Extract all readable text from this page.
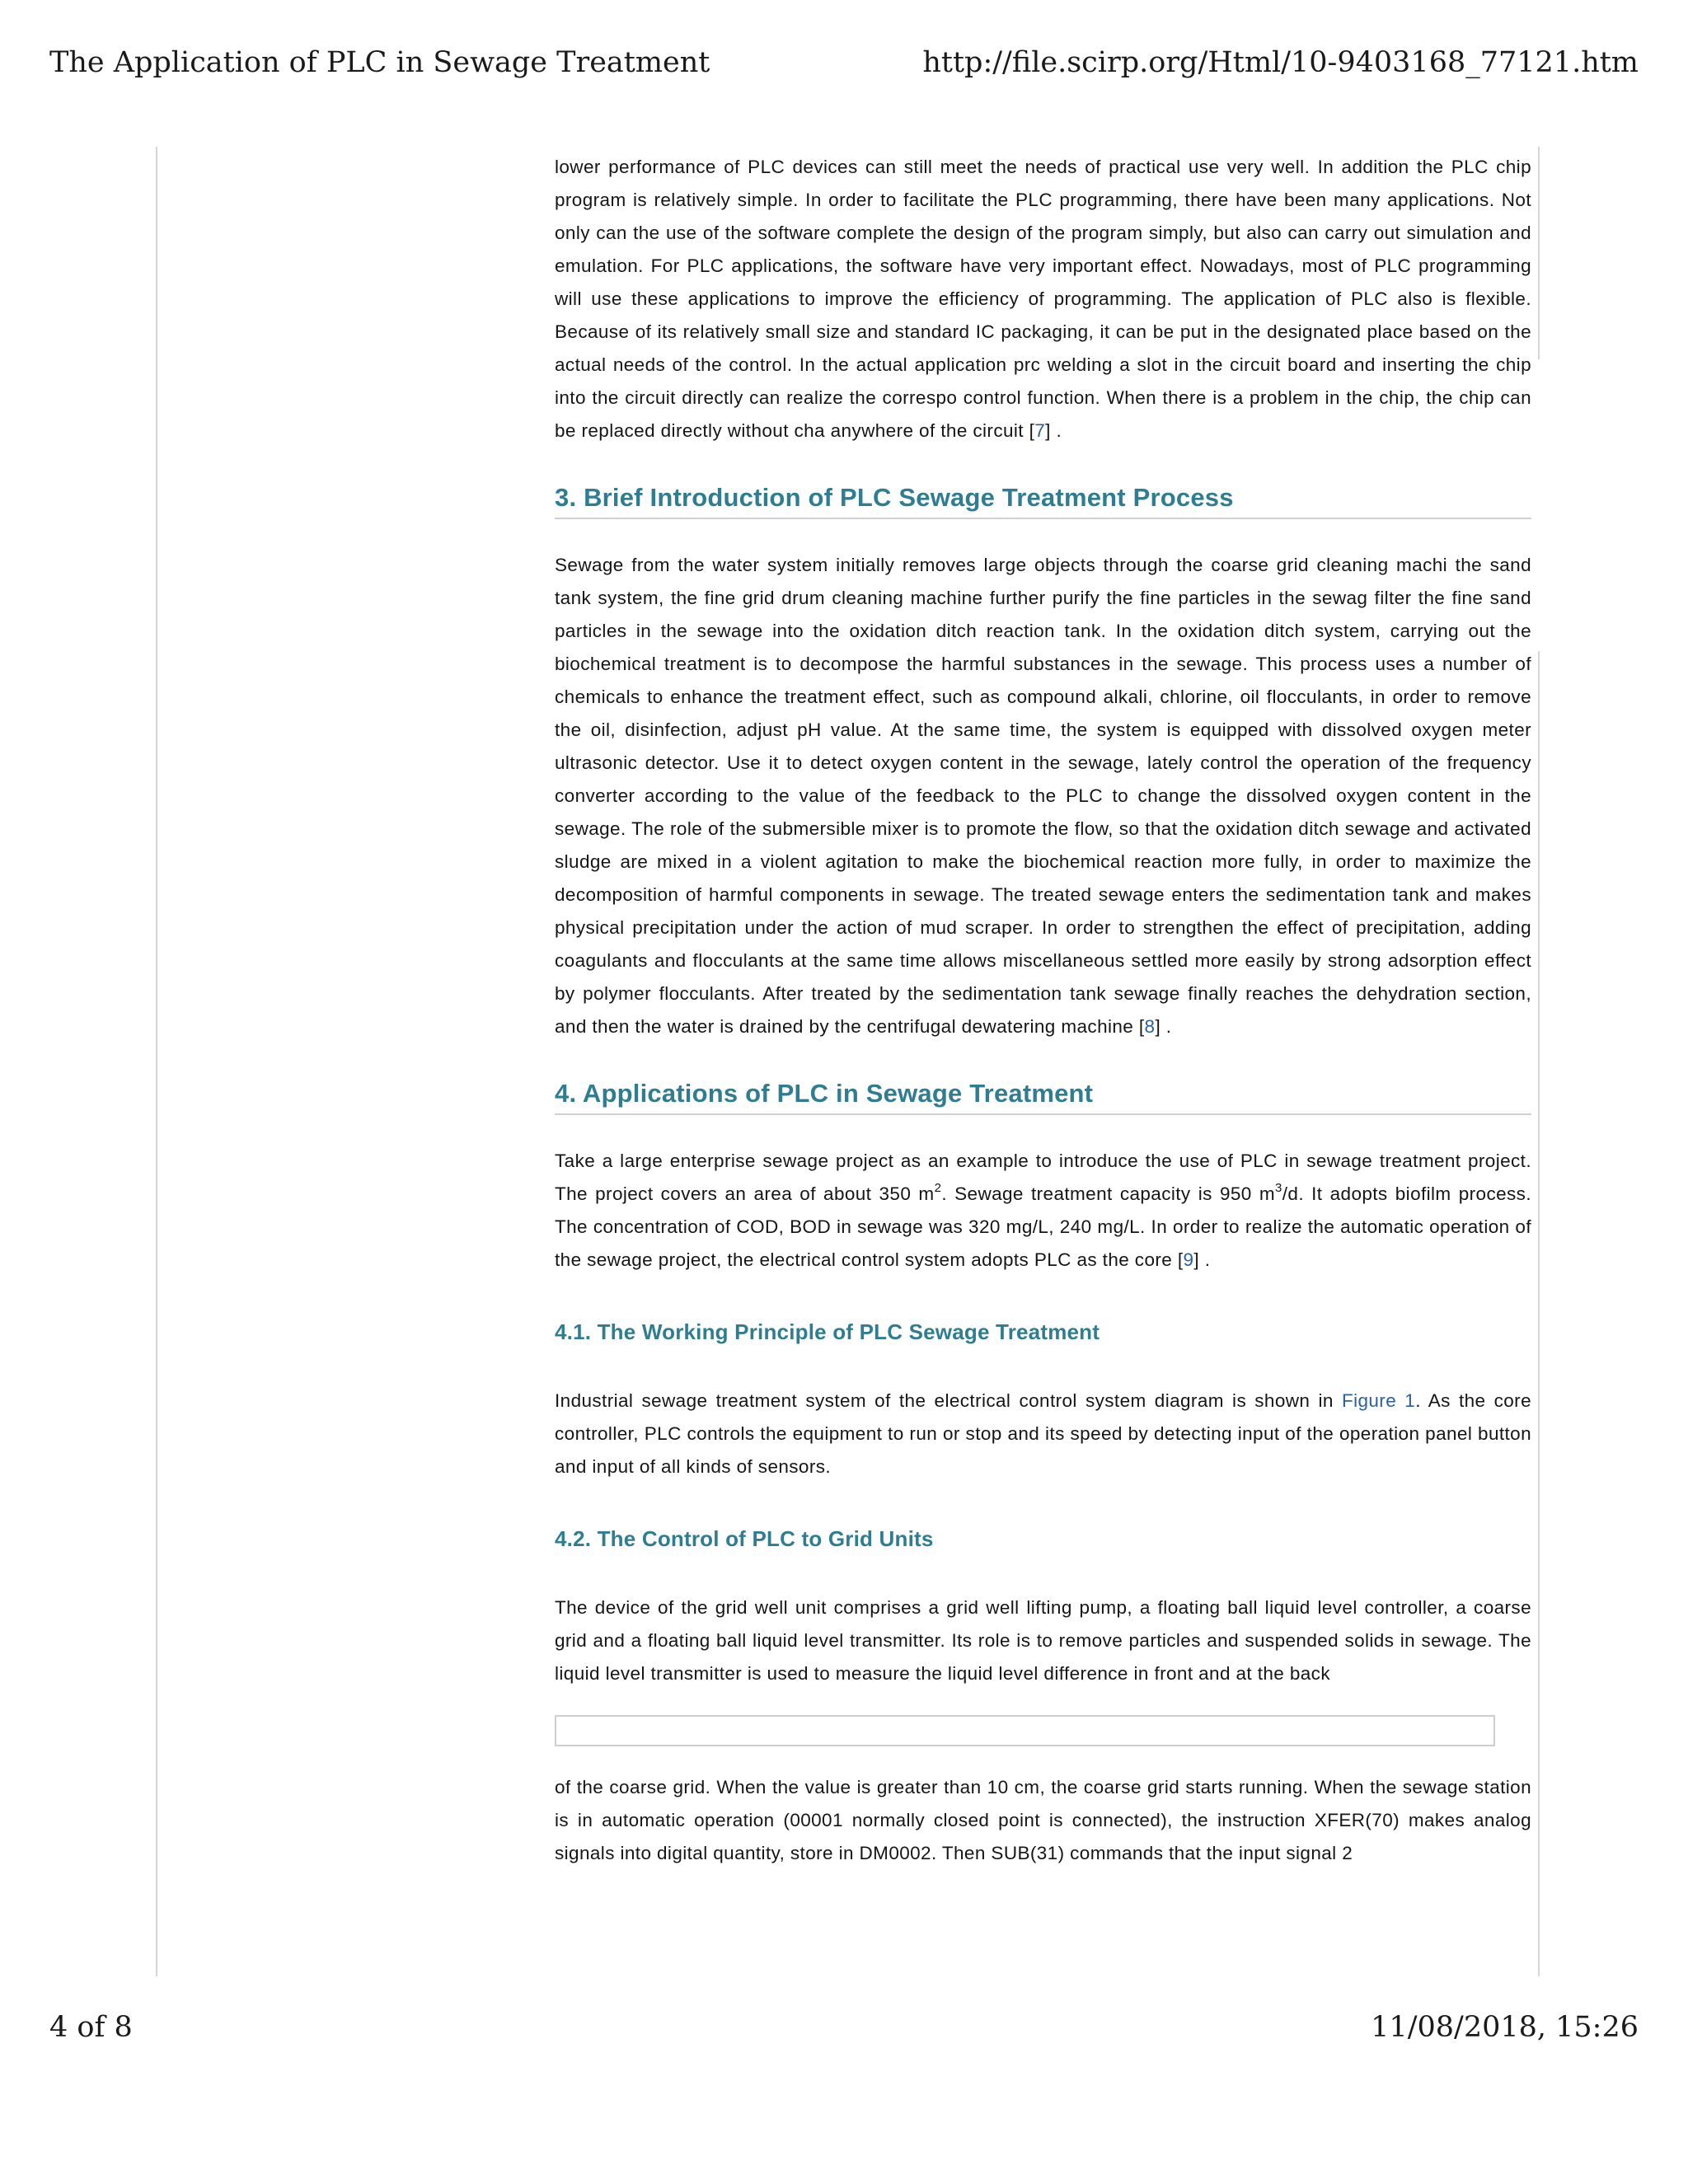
The Application of PLC in Sewage Treatment	http://file.scirp.org/Html/10-9403168_77121.htm

lower performance of PLC devices can still meet the needs of practical use very well. In addition the PLC chip program is relatively simple. In order to facilitate the PLC programming, there have been many applications. Not only can the use of the software complete the design of the program simply, but also can carry out simulation and emulation. For PLC applications, the software have very important effect. Nowadays, most of PLC programming will use these applications to improve the efficiency of programming. The application of PLC also is flexible. Because of its relatively small size and standard IC packaging, it can be put in the designated place based on the actual needs of the control. In the actual application prc welding a slot in the circuit board and inserting the chip into the circuit directly can realize the correspo control function. When there is a problem in the chip, the chip can be replaced directly without cha anywhere of the circuit [7] .

3. Brief Introduction of PLC Sewage Treatment Process

Sewage from the water system initially removes large objects through the coarse grid cleaning machi the sand tank system, the fine grid drum cleaning machine further purify the fine particles in the sewag filter the fine sand particles in the sewage into the oxidation ditch reaction tank. In the oxidation ditch system, carrying out the biochemical treatment is to decompose the harmful substances in the sewage. This process uses a number of chemicals to enhance the treatment effect, such as compound alkali, chlorine, oil flocculants, in order to remove the oil, disinfection, adjust pH value. At the same time, the system is equipped with dissolved oxygen meter ultrasonic detector. Use it to detect oxygen content in the sewage, lately control the operation of the frequency converter according to the value of the feedback to the PLC to change the dissolved oxygen content in the sewage. The role of the submersible mixer is to promote the flow, so that the oxidation ditch sewage and activated sludge are mixed in a violent agitation to make the biochemical reaction more fully, in order to maximize the decomposition of harmful components in sewage. The treated sewage enters the sedimentation tank and makes physical precipitation under the action of mud scraper. In order to strengthen the effect of precipitation, adding coagulants and flocculants at the same time allows miscellaneous settled more easily by strong adsorption effect by polymer flocculants. After treated by the sedimentation tank sewage finally reaches the dehydration section, and then the water is drained by the centrifugal dewatering machine [8] .

4. Applications of PLC in Sewage Treatment

Take a large enterprise sewage project as an example to introduce the use of PLC in sewage treatment project. The project covers an area of about 350 $m^2$. Sewage treatment capacity is 950 $m^3/d$. It adopts biofilm process. The concentration of COD, BOD in sewage was 320 mg/L, 240 mg/L. In order to realize the automatic operation of the sewage project, the electrical control system adopts PLC as the core [9] .

4.1. The Working Principle of PLC Sewage Treatment

Industrial sewage treatment system of the electrical control system diagram is shown in Figure 1. As the core controller, PLC controls the equipment to run or stop and its speed by detecting input of the operation panel button and input of all kinds of sensors.

4.2. The Control of PLC to Grid Units

The device of the grid well unit comprises a grid well lifting pump, a floating ball liquid level controller, a coarse grid and a floating ball liquid level transmitter. Its role is to remove particles and suspended solids in sewage. The liquid level transmitter is used to measure the liquid level difference in front and at the back

of the coarse grid. When the value is greater than 10 cm, the coarse grid starts running. When the sewage station is in automatic operation (00001 normally closed point is connected), the instruction XFER(70) makes analog signals into digital quantity, store in DM0002. Then SUB(31) commands that the input signal 2

4 of 8	11/08/2018, 15:26
